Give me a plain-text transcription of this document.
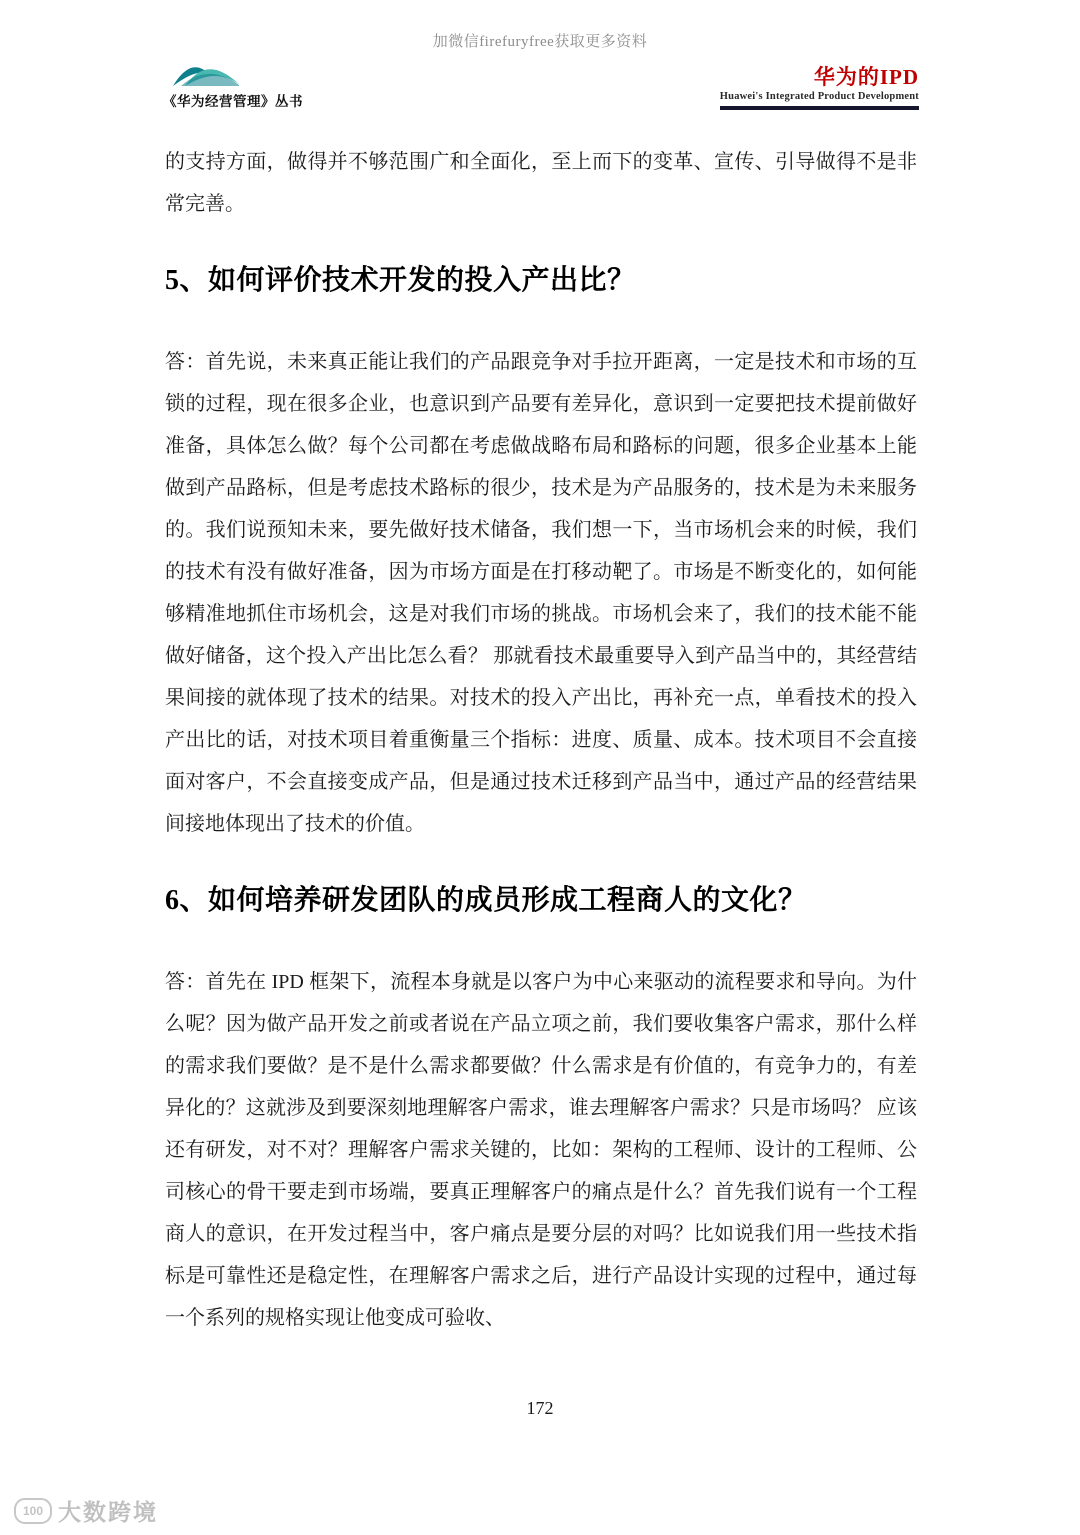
加微信firefuryfree获取更多资料
《华为经营管理》丛书
华为的IPD
Huawei's Integrated Product Development

的支持方面，做得并不够范围广和全面化，至上而下的变革、宣传、引导做得不是非常完善。

5、如何评价技术开发的投入产出比？

答：首先说，未来真正能让我们的产品跟竞争对手拉开距离，一定是技术和市场的互锁的过程，现在很多企业，也意识到产品要有差异化，意识到一定要把技术提前做好准备，具体怎么做？每个公司都在考虑做战略布局和路标的问题，很多企业基本上能做到产品路标，但是考虑技术路标的很少，技术是为产品服务的，技术是为未来服务的。我们说预知未来，要先做好技术储备，我们想一下，当市场机会来的时候，我们的技术有没有做好准备，因为市场方面是在打移动靶了。市场是不断变化的，如何能够精准地抓住市场机会，这是对我们市场的挑战。市场机会来了，我们的技术能不能做好储备，这个投入产出比怎么看？ 那就看技术最重要导入到产品当中的，其经营结果间接的就体现了技术的结果。对技术的投入产出比，再补充一点，单看技术的投入产出比的话，对技术项目着重衡量三个指标：进度、质量、成本。技术项目不会直接面对客户，不会直接变成产品，但是通过技术迁移到产品当中，通过产品的经营结果间接地体现出了技术的价值。

6、如何培养研发团队的成员形成工程商人的文化？

答：首先在 IPD 框架下，流程本身就是以客户为中心来驱动的流程要求和导向。为什么呢？因为做产品开发之前或者说在产品立项之前，我们要收集客户需求，那什么样的需求我们要做？是不是什么需求都要做？什么需求是有价值的，有竞争力的，有差异化的？这就涉及到要深刻地理解客户需求，谁去理解客户需求？只是市场吗？ 应该还有研发，对不对？理解客户需求关键的，比如：架构的工程师、设计的工程师、公司核心的骨干要走到市场端，要真正理解客户的痛点是什么？首先我们说有一个工程商人的意识，在开发过程当中，客户痛点是要分层的对吗？比如说我们用一些技术指标是可靠性还是稳定性，在理解客户需求之后，进行产品设计实现的过程中，通过每一个系列的规格实现让他变成可验收、

172
100 大数跨境
